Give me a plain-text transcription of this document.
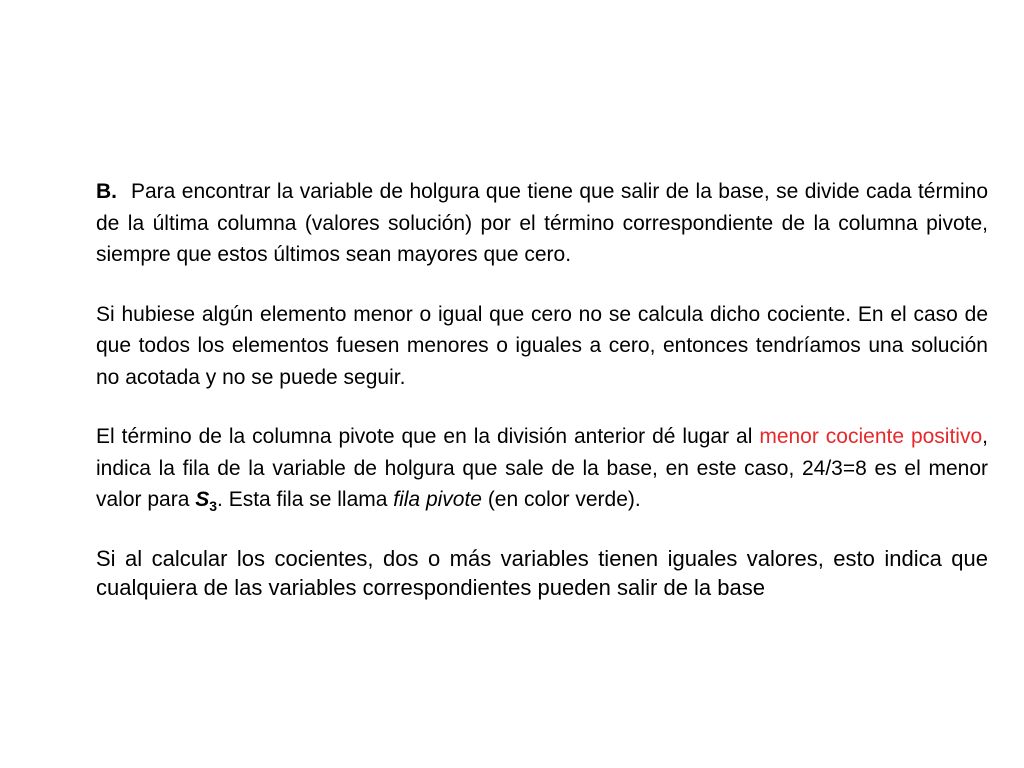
B. Para encontrar la variable de holgura que tiene que salir de la base, se divide cada término de la última columna (valores solución) por el término correspondiente de la columna pivote, siempre que estos últimos sean mayores que cero.

Si hubiese algún elemento menor o igual que cero no se calcula dicho cociente. En el caso de que todos los elementos fuesen menores o iguales a cero, entonces tendríamos una solución no acotada y no se puede seguir.

El término de la columna pivote que en la división anterior dé lugar al menor cociente positivo, indica la fila de la variable de holgura que sale de la base, en este caso, 24/3=8 es el menor valor para $S_3$. Esta fila se llama fila pivote (en color verde).

Si al calcular los cocientes, dos o más variables tienen iguales valores, esto indica que cualquiera de las variables correspondientes pueden salir de la base
